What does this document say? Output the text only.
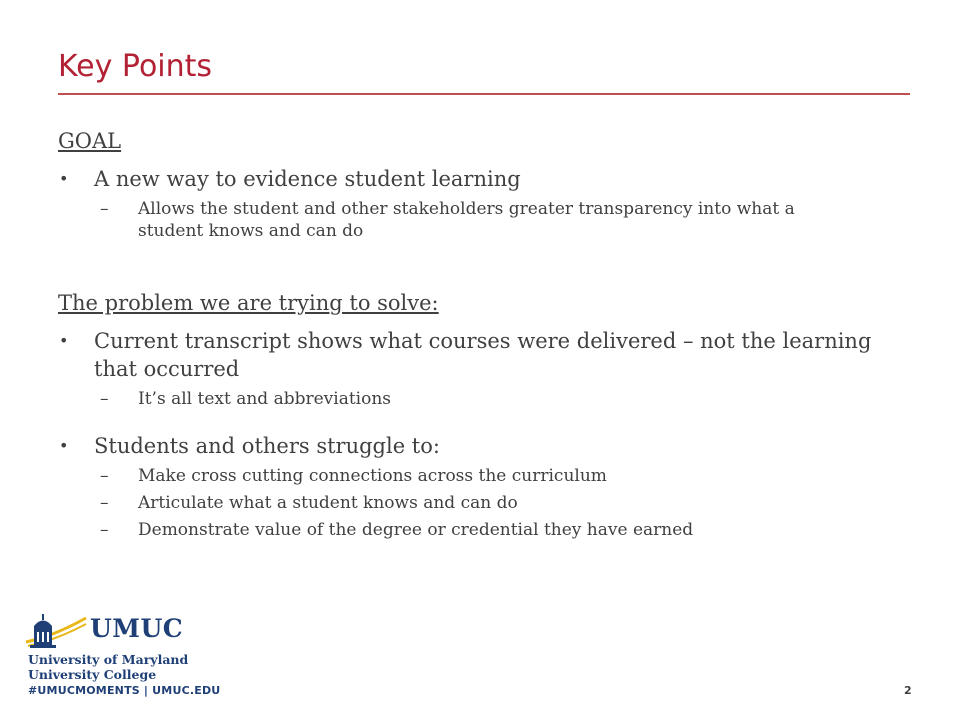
Key Points
GOAL
• A new way to evidence student learning
– Allows the student and other stakeholders greater transparency into what a student knows and can do
The problem we are trying to solve:
• Current transcript shows what courses were delivered – not the learning that occurred
– It’s all text and abbreviations
• Students and others struggle to:
– Make cross cutting connections across the curriculum
– Articulate what a student knows and can do
– Demonstrate value of the degree or credential they have earned
UMUC
University of Maryland
University College
#UMUCMOMENTS | UMUC.EDU	2
